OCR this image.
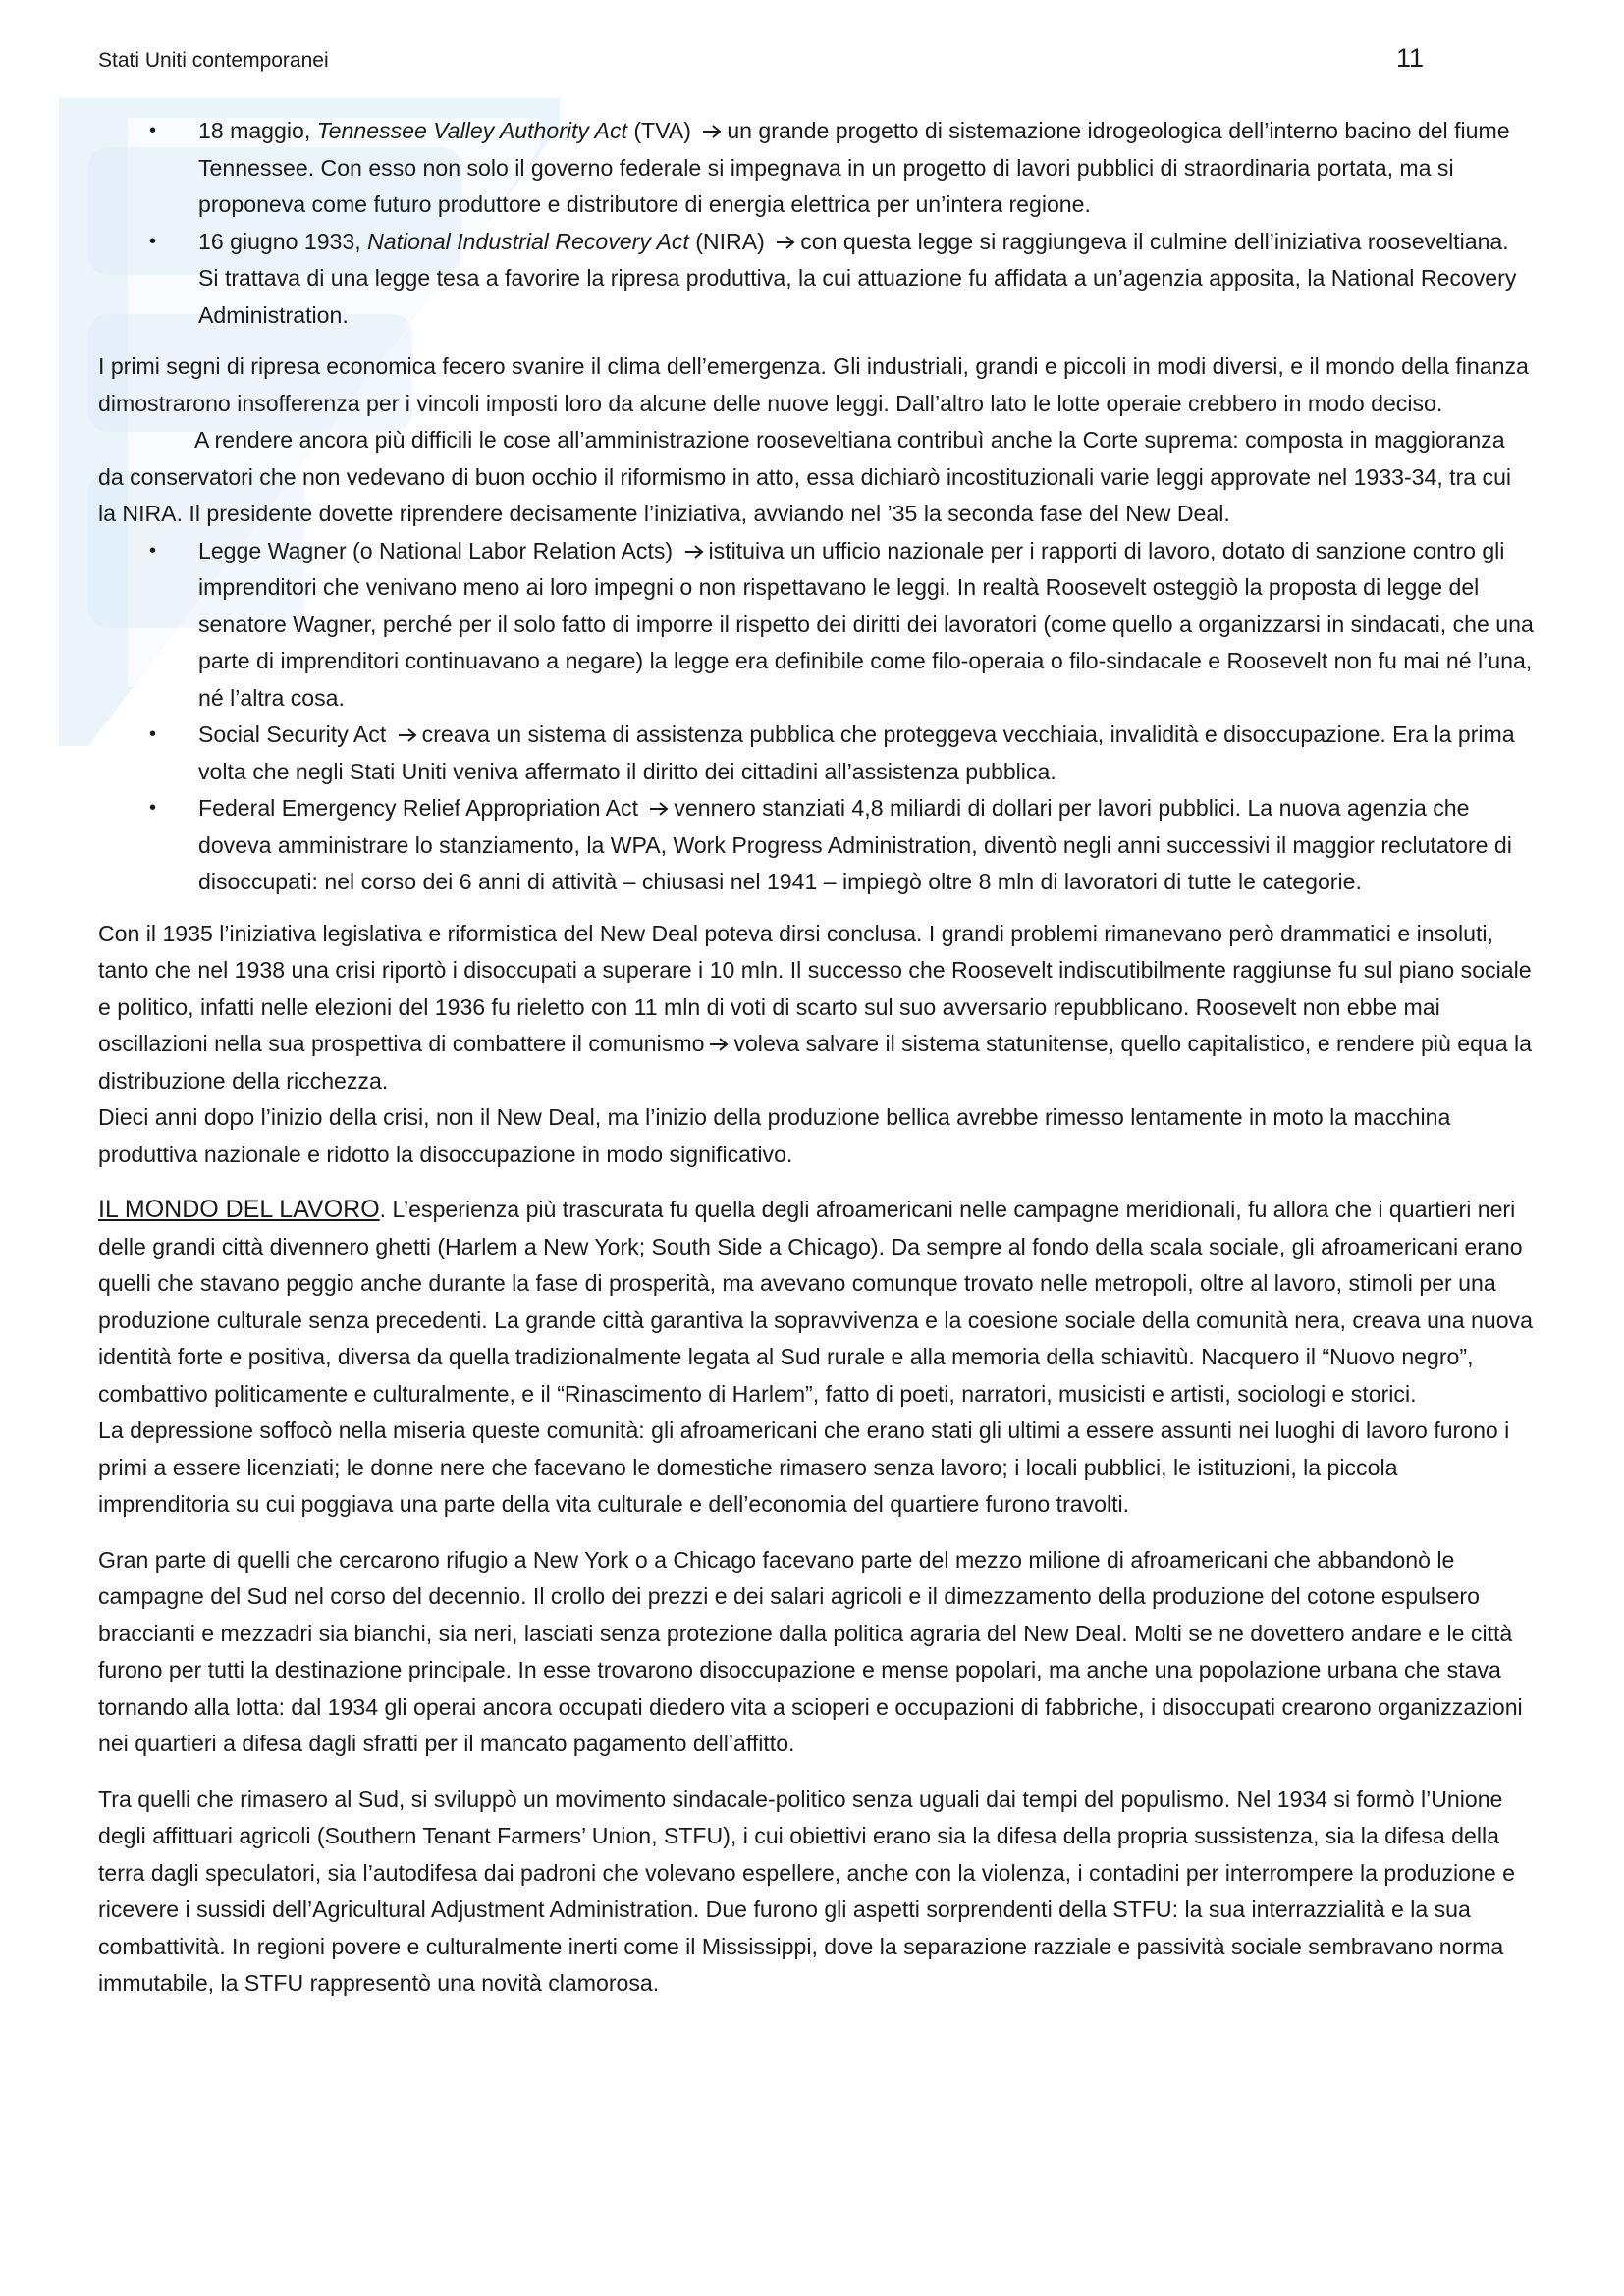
Stati Uniti contemporanei	11
• 18 maggio, Tennessee Valley Authority Act (TVA) un grande progetto di sistemazione idrogeologica dell’interno bacino del fiume Tennessee. Con esso non solo il governo federale si impegnava in un progetto di lavori pubblici di straordinaria portata, ma si proponeva come futuro produttore e distributore di energia elettrica per un’intera regione.
• 16 giugno 1933, National Industrial Recovery Act (NIRA) con questa legge si raggiungeva il culmine dell’iniziativa rooseveltiana. Si trattava di una legge tesa a favorire la ripresa produttiva, la cui attuazione fu affidata a un’agenzia apposita, la National Recovery Administration.

I primi segni di ripresa economica fecero svanire il clima dell’emergenza. Gli industriali, grandi e piccoli in modi diversi, e il mondo della finanza dimostrarono insofferenza per i vincoli imposti loro da alcune delle nuove leggi. Dall’altro lato le lotte operaie crebbero in modo deciso.

A rendere ancora più difficili le cose all’amministrazione rooseveltiana contribuì anche la Corte suprema: composta in maggioranza da conservatori che non vedevano di buon occhio il riformismo in atto, essa dichiarò incostituzionali varie leggi approvate nel 1933-34, tra cui la NIRA. Il presidente dovette riprendere decisamente l’iniziativa, avviando nel ’35 la seconda fase del New Deal.

• Legge Wagner (o National Labor Relation Acts) istituiva un ufficio nazionale per i rapporti di lavoro, dotato di sanzione contro gli imprenditori che venivano meno ai loro impegni o non rispettavano le leggi. In realtà Roosevelt osteggiò la proposta di legge del senatore Wagner, perché per il solo fatto di imporre il rispetto dei diritti dei lavoratori (come quello a organizzarsi in sindacati, che una parte di imprenditori continuavano a negare) la legge era definibile come filo-operaia o filo-sindacale e Roosevelt non fu mai né l’una, né l’altra cosa.
• Social Security Act creava un sistema di assistenza pubblica che proteggeva vecchiaia, invalidità e disoccupazione. Era la prima volta che negli Stati Uniti veniva affermato il diritto dei cittadini all’assistenza pubblica.
• Federal Emergency Relief Appropriation Act vennero stanziati 4,8 miliardi di dollari per lavori pubblici. La nuova agenzia che doveva amministrare lo stanziamento, la WPA, Work Progress Administration, diventò negli anni successivi il maggior reclutatore di disoccupati: nel corso dei 6 anni di attività – chiusasi nel 1941 – impiegò oltre 8 mln di lavoratori di tutte le categorie.

Con il 1935 l’iniziativa legislativa e riformistica del New Deal poteva dirsi conclusa. I grandi problemi rimanevano però drammatici e insoluti, tanto che nel 1938 una crisi riportò i disoccupati a superare i 10 mln. Il successo che Roosevelt indiscutibilmente raggiunse fu sul piano sociale e politico, infatti nelle elezioni del 1936 fu rieletto con 11 mln di voti di scarto sul suo avversario repubblicano. Roosevelt non ebbe mai oscillazioni nella sua prospettiva di combattere il comunismo voleva salvare il sistema statunitense, quello capitalistico, e rendere più equa la distribuzione della ricchezza.

Dieci anni dopo l’inizio della crisi, non il New Deal, ma l’inizio della produzione bellica avrebbe rimesso lentamente in moto la macchina produttiva nazionale e ridotto la disoccupazione in modo significativo.

IL MONDO DEL LAVORO. L’esperienza più trascurata fu quella degli afroamericani nelle campagne meridionali, fu allora che i quartieri neri delle grandi città divennero ghetti (Harlem a New York; South Side a Chicago). Da sempre al fondo della scala sociale, gli afroamericani erano quelli che stavano peggio anche durante la fase di prosperità, ma avevano comunque trovato nelle metropoli, oltre al lavoro, stimoli per una produzione culturale senza precedenti. La grande città garantiva la sopravvivenza e la coesione sociale della comunità nera, creava una nuova identità forte e positiva, diversa da quella tradizionalmente legata al Sud rurale e alla memoria della schiavitù. Nacquero il “Nuovo negro”, combattivo politicamente e culturalmente, e il “Rinascimento di Harlem”, fatto di poeti, narratori, musicisti e artisti, sociologi e storici.

La depressione soffocò nella miseria queste comunità: gli afroamericani che erano stati gli ultimi a essere assunti nei luoghi di lavoro furono i primi a essere licenziati; le donne nere che facevano le domestiche rimasero senza lavoro; i locali pubblici, le istituzioni, la piccola imprenditoria su cui poggiava una parte della vita culturale e dell’economia del quartiere furono travolti.

Gran parte di quelli che cercarono rifugio a New York o a Chicago facevano parte del mezzo milione di afroamericani che abbandonò le campagne del Sud nel corso del decennio. Il crollo dei prezzi e dei salari agricoli e il dimezzamento della produzione del cotone espulsero braccianti e mezzadri sia bianchi, sia neri, lasciati senza protezione dalla politica agraria del New Deal. Molti se ne dovettero andare e le città furono per tutti la destinazione principale. In esse trovarono disoccupazione e mense popolari, ma anche una popolazione urbana che stava tornando alla lotta: dal 1934 gli operai ancora occupati diedero vita a scioperi e occupazioni di fabbriche, i disoccupati crearono organizzazioni nei quartieri a difesa dagli sfratti per il mancato pagamento dell’affitto.

Tra quelli che rimasero al Sud, si sviluppò un movimento sindacale-politico senza uguali dai tempi del populismo. Nel 1934 si formò l’Unione degli affittuari agricoli (Southern Tenant Farmers’ Union, STFU), i cui obiettivi erano sia la difesa della propria sussistenza, sia la difesa della terra dagli speculatori, sia l’autodifesa dai padroni che volevano espellere, anche con la violenza, i contadini per interrompere la produzione e ricevere i sussidi dell’Agricultural Adjustment Administration. Due furono gli aspetti sorprendenti della STFU: la sua interrazzialità e la sua combattività. In regioni povere e culturalmente inerti come il Mississippi, dove la separazione razziale e passività sociale sembravano norma immutabile, la STFU rappresentò una novità clamorosa.
